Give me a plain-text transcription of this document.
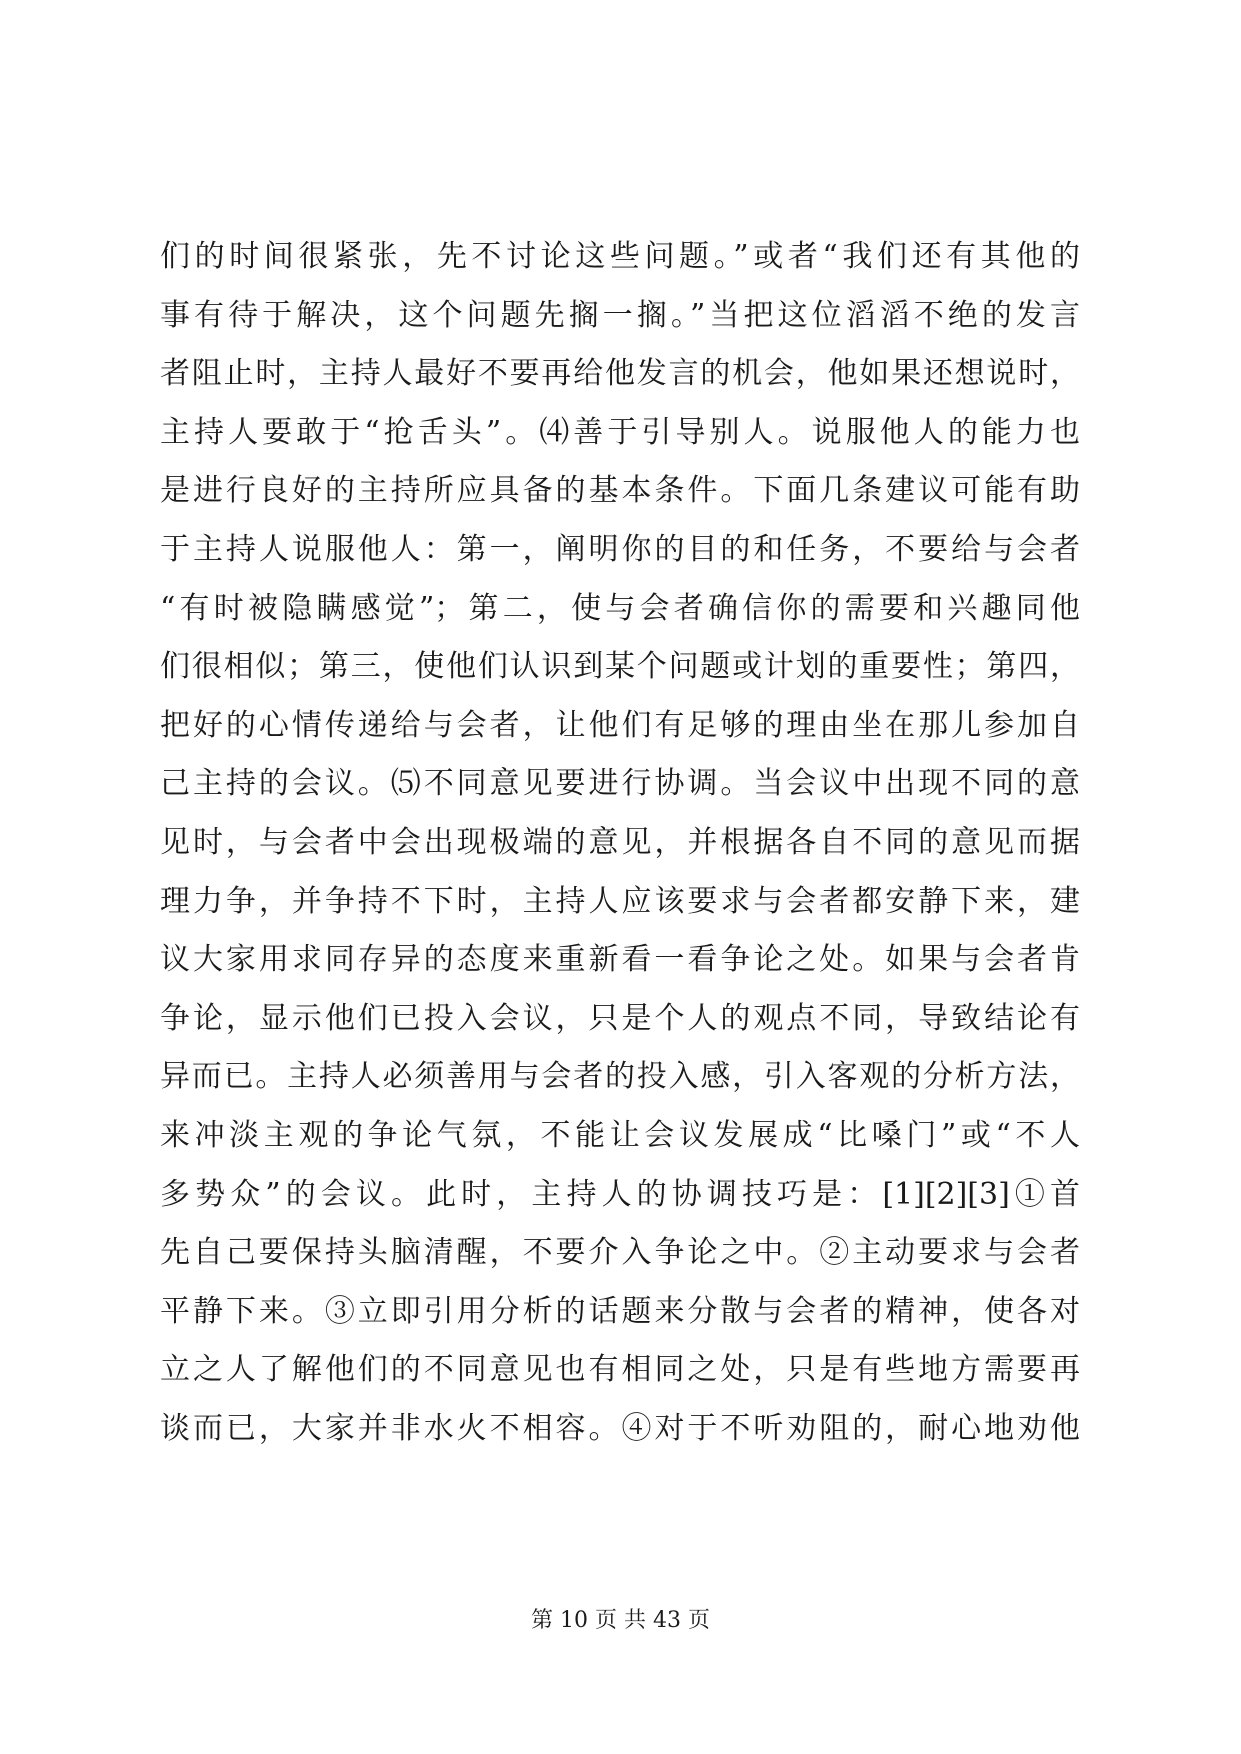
们的时间很紧张，先不讨论这些问题。”或者“我们还有其他的
事有待于解决，这个问题先搁一搁。”当把这位滔滔不绝的发言
者阻止时，主持人最好不要再给他发言的机会，他如果还想说时，
主持人要敢于“抢舌头”。⑷善于引导别人。说服他人的能力也
是进行良好的主持所应具备的基本条件。下面几条建议可能有助
于主持人说服他人：第一，阐明你的目的和任务，不要给与会者
“有时被隐瞒感觉”；第二，使与会者确信你的需要和兴趣同他
们很相似；第三，使他们认识到某个问题或计划的重要性；第四，
把好的心情传递给与会者，让他们有足够的理由坐在那儿参加自
己主持的会议。⑸不同意见要进行协调。当会议中出现不同的意
见时，与会者中会出现极端的意见，并根据各自不同的意见而据
理力争，并争持不下时，主持人应该要求与会者都安静下来，建
议大家用求同存异的态度来重新看一看争论之处。如果与会者肯
争论，显示他们已投入会议，只是个人的观点不同，导致结论有
异而已。主持人必须善用与会者的投入感，引入客观的分析方法，
来冲淡主观的争论气氛，不能让会议发展成“比嗓门”或“不人
多势众”的会议。此时，主持人的协调技巧是：[1][2][3]①首
先自己要保持头脑清醒，不要介入争论之中。②主动要求与会者
平静下来。③立即引用分析的话题来分散与会者的精神，使各对
立之人了解他们的不同意见也有相同之处，只是有些地方需要再
谈而已，大家并非水火不相容。④对于不听劝阻的，耐心地劝他
第 10 页 共 43 页
